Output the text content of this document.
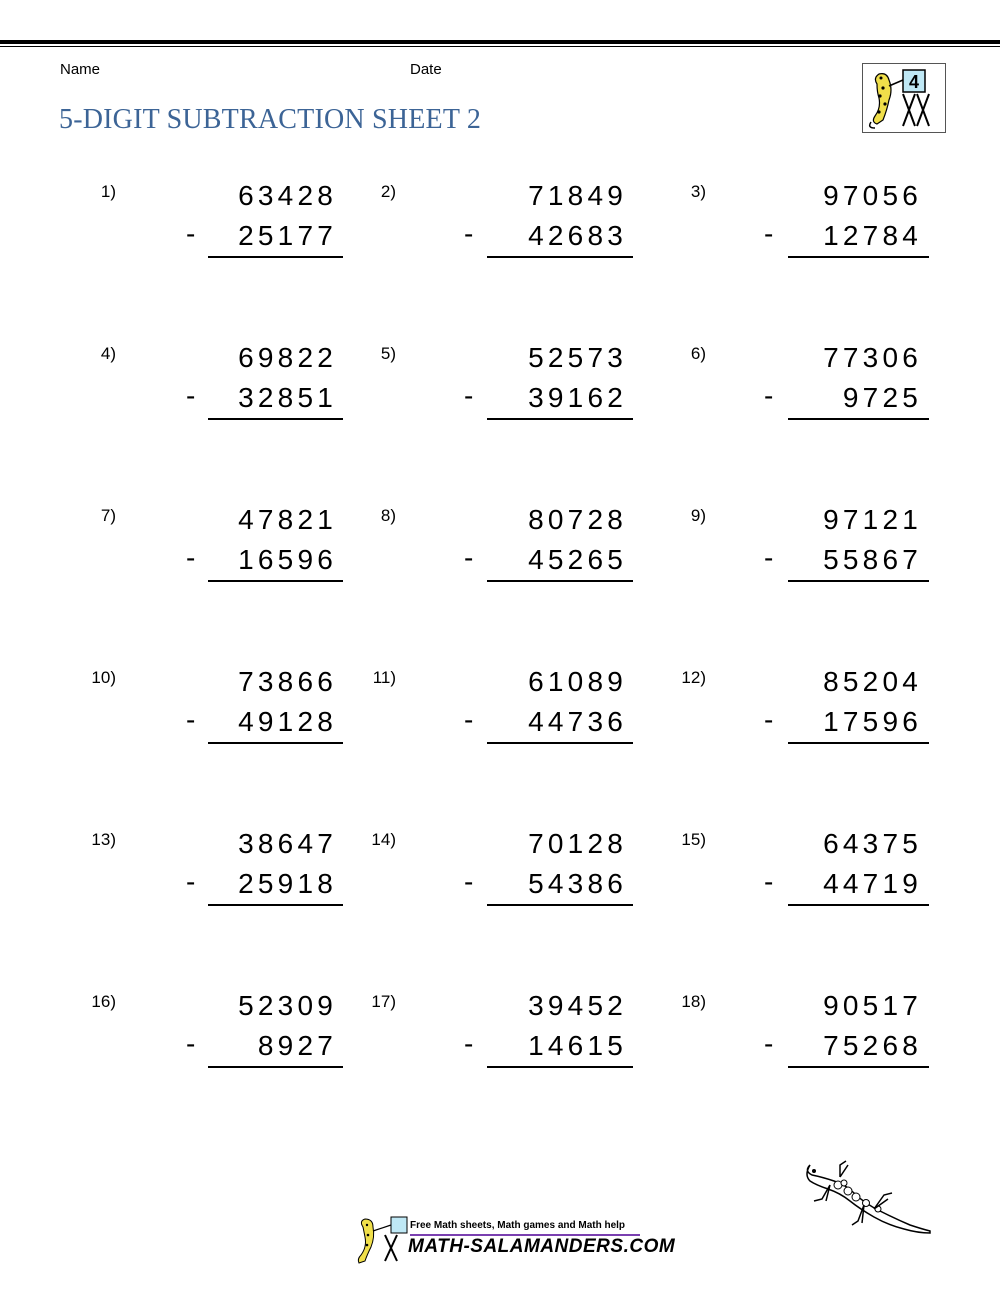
Name	Date
5-DIGIT SUBTRACTION SHEET 2
4
1)	63428
25177
-
2)	71849
42683
-
3)	97056
12784
-
4)	69822
32851
-
5)	52573
39162
-
6)	77306
9725
-
7)	47821
16596
-
8)	80728
45265
-
9)	97121
55867
-
10)	73866
49128
-
11)	61089
44736
-
12)	85204
17596
-
13)	38647
25918
-
14)	70128
54386
-
15)	64375
44719
-
16)	52309
8927
-
17)	39452
14615
-
18)	90517
75268
-
Free Math sheets, Math games and Math help
MATH-SALAMANDERS.COM
